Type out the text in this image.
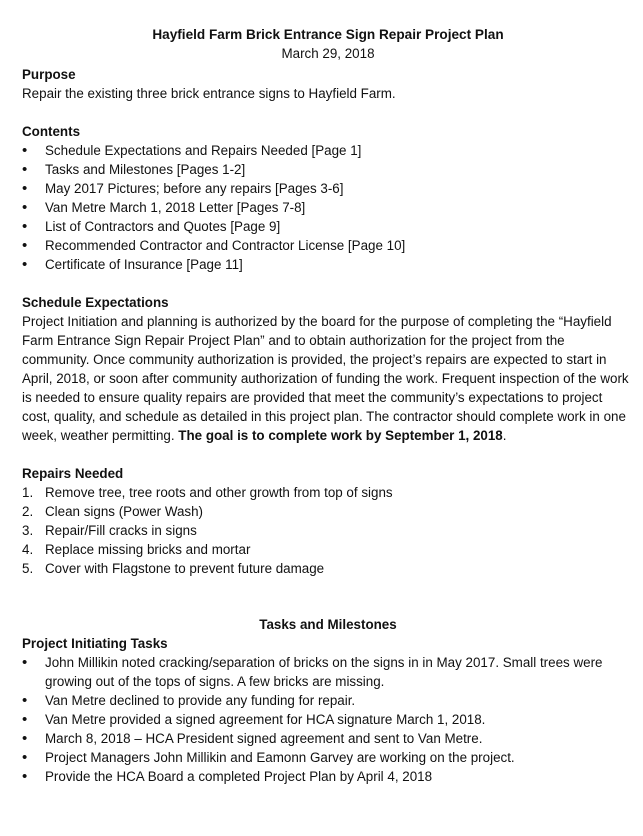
Hayfield Farm Brick Entrance Sign Repair Project Plan
March 29, 2018
Purpose
Repair the existing three brick entrance signs to Hayfield Farm.
Contents
• Schedule Expectations and Repairs Needed [Page 1]
• Tasks and Milestones [Pages 1-2]
• May 2017 Pictures; before any repairs [Pages 3-6]
• Van Metre March 1, 2018 Letter [Pages 7-8]
• List of Contractors and Quotes [Page 9]
• Recommended Contractor and Contractor License [Page 10]
• Certificate of Insurance [Page 11]
Schedule Expectations
Project Initiation and planning is authorized by the board for the purpose of completing the “Hayfield Farm Entrance Sign Repair Project Plan” and to obtain authorization for the project from the community. Once community authorization is provided, the project’s repairs are expected to start in April, 2018, or soon after community authorization of funding the work. Frequent inspection of the work is needed to ensure quality repairs are provided that meet the community’s expectations to project cost, quality, and schedule as detailed in this project plan. The contractor should complete work in one week, weather permitting. The goal is to complete work by September 1, 2018.
Repairs Needed
1. Remove tree, tree roots and other growth from top of signs
2. Clean signs (Power Wash)
3. Repair/Fill cracks in signs
4. Replace missing bricks and mortar
5. Cover with Flagstone to prevent future damage
Tasks and Milestones
Project Initiating Tasks
• John Millikin noted cracking/separation of bricks on the signs in in May 2017. Small trees were growing out of the tops of signs. A few bricks are missing.
• Van Metre declined to provide any funding for repair.
• Van Metre provided a signed agreement for HCA signature March 1, 2018.
• March 8, 2018 – HCA President signed agreement and sent to Van Metre.
• Project Managers John Millikin and Eamonn Garvey are working on the project.
• Provide the HCA Board a completed Project Plan by April 4, 2018
